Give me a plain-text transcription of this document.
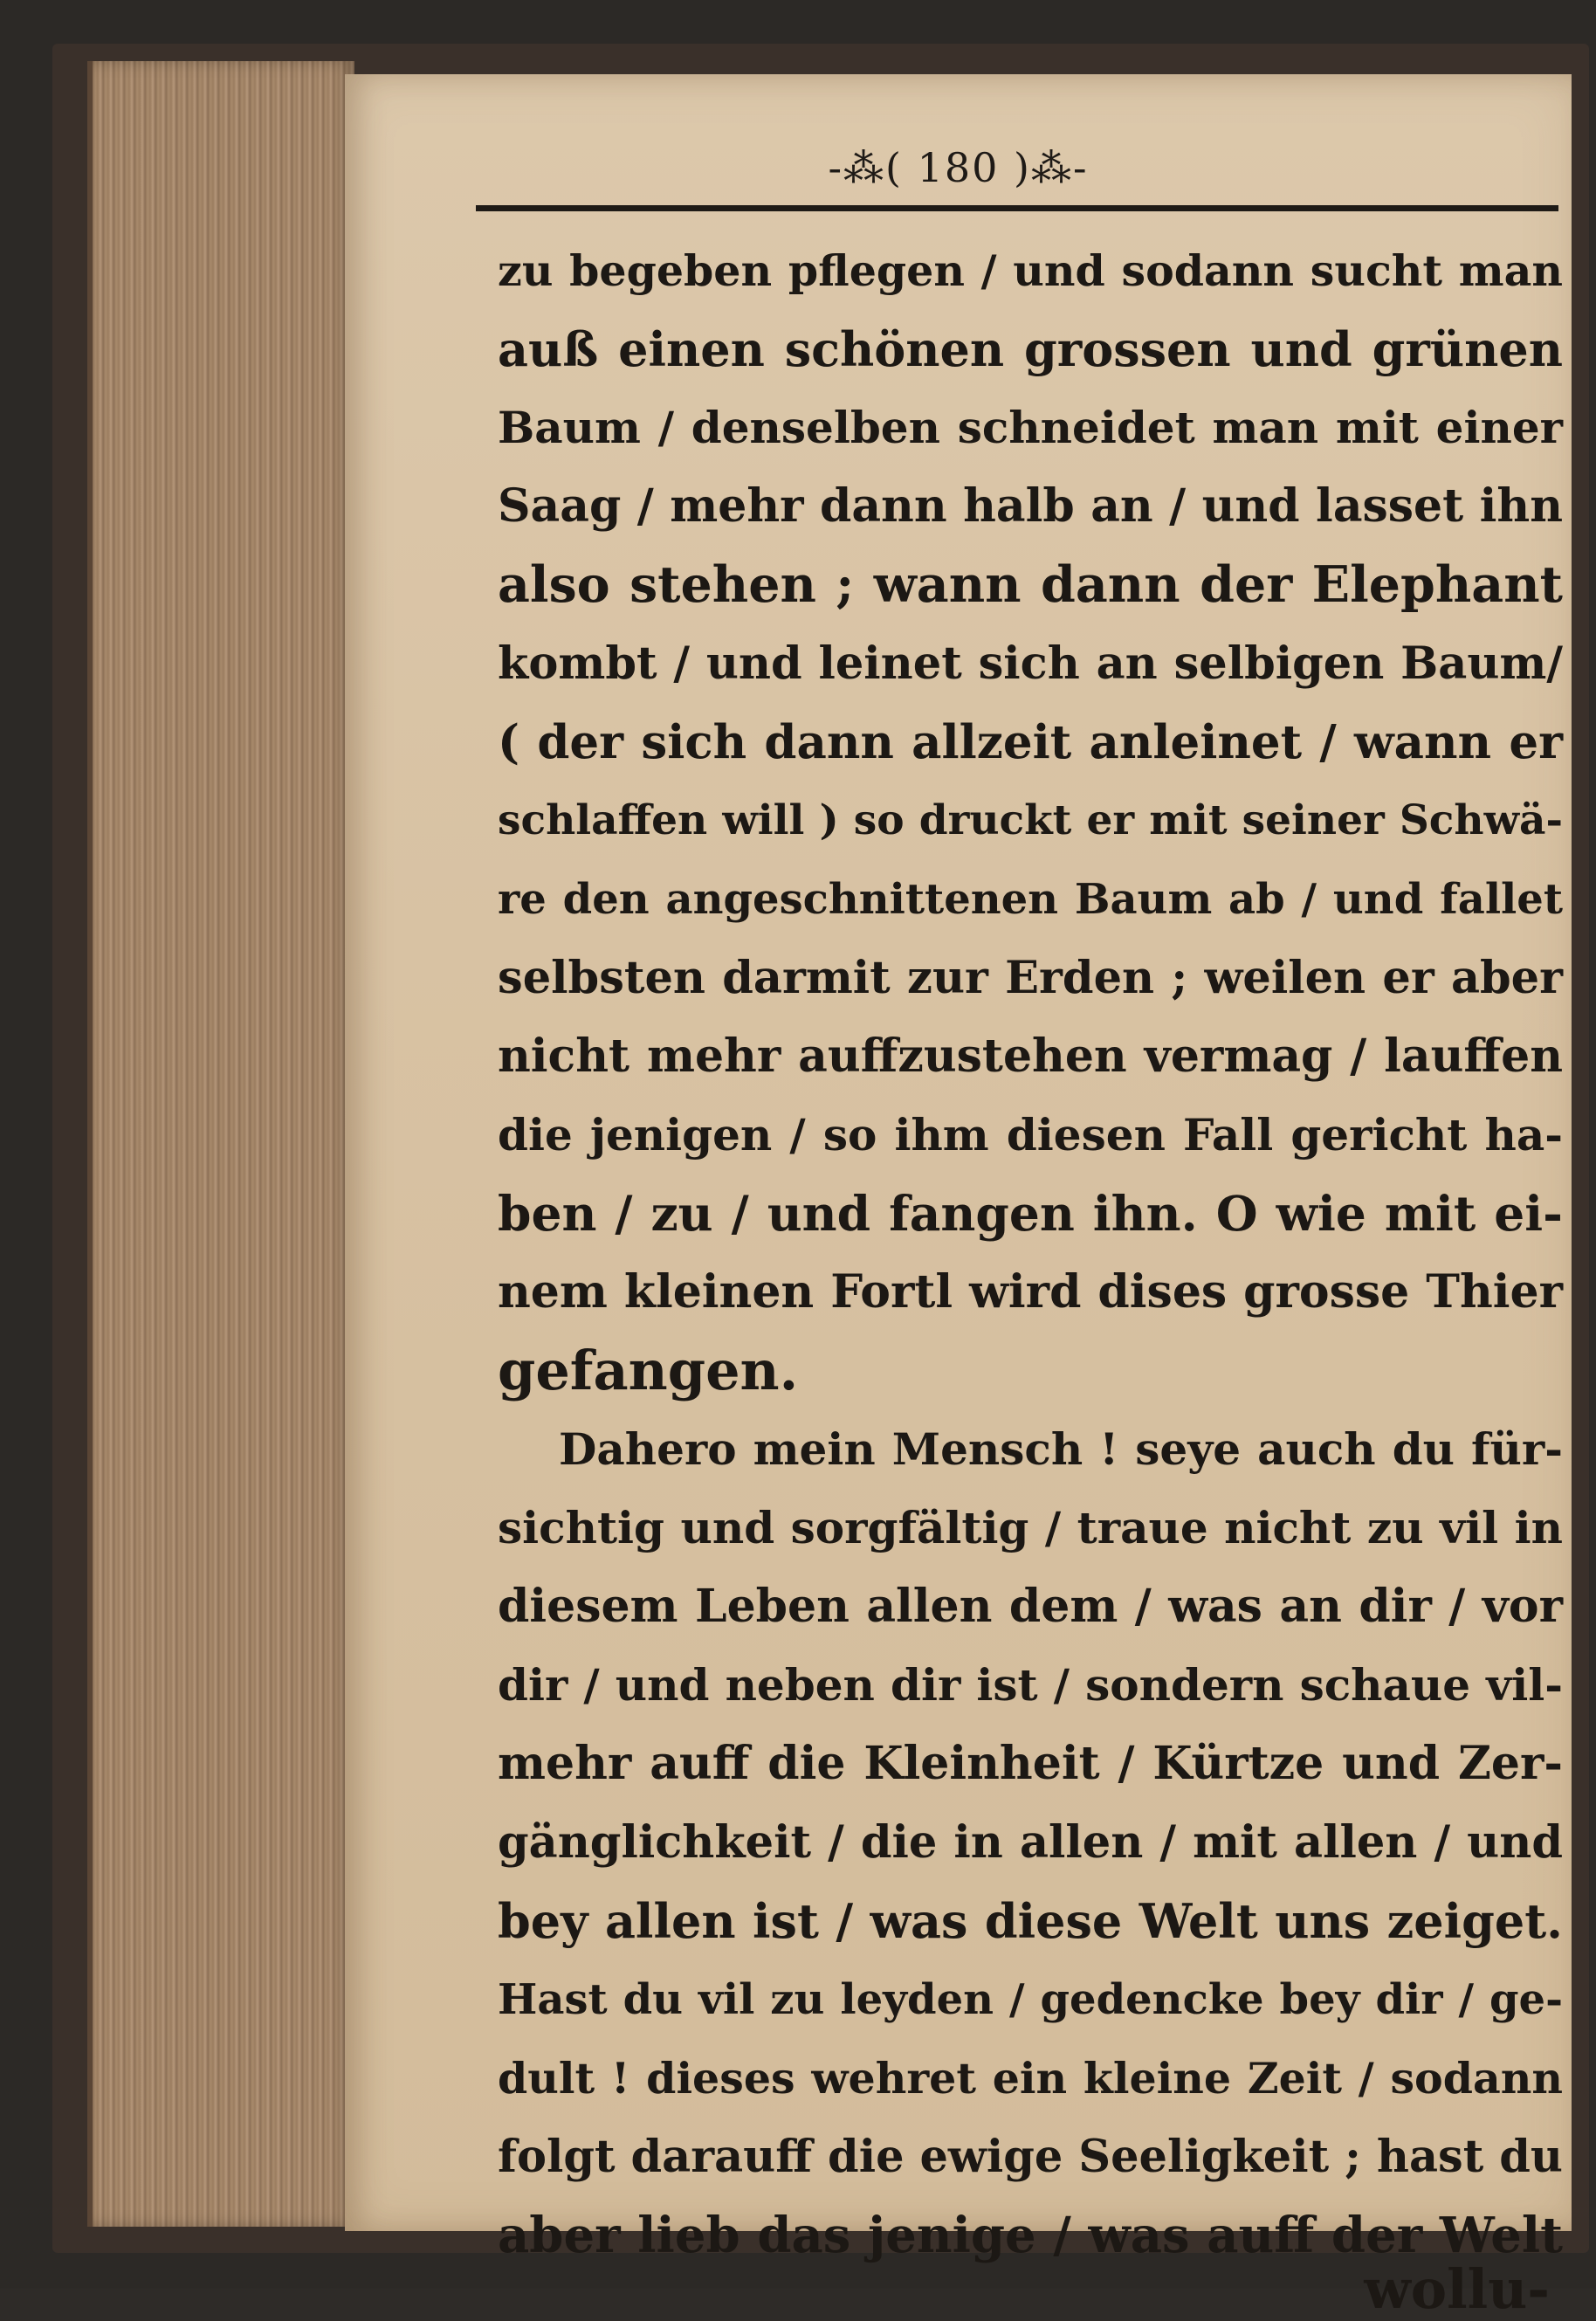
-⁂( 180 )⁂-
zu begeben pflegen / und sodann sucht man
auß einen schönen grossen und grünen
Baum / denselben schneidet man mit einer
Saag / mehr dann halb an / und lasset ihn
also stehen ; wann dann der Elephant
kombt / und leinet sich an selbigen Baum/
( der sich dann allzeit anleinet / wann er
schlaffen will ) so druckt er mit seiner Schwä-
re den angeschnittenen Baum ab / und fallet
selbsten darmit zur Erden ; weilen er aber
nicht mehr auffzustehen vermag / lauffen
die jenigen / so ihm diesen Fall gericht ha-
ben / zu / und fangen ihn. O wie mit ei-
nem kleinen Fortl wird dises grosse Thier
gefangen.
Dahero mein Mensch ! seye auch du für-
sichtig und sorgfältig / traue nicht zu vil in
diesem Leben allen dem / was an dir / vor
dir / und neben dir ist / sondern schaue vil-
mehr auff die Kleinheit / Kürtze und Zer-
gänglichkeit / die in allen / mit allen / und
bey allen ist / was diese Welt uns zeiget.
Hast du vil zu leyden / gedencke bey dir / ge-
dult ! dieses wehret ein kleine Zeit / sodann
folgt darauff die ewige Seeligkeit ; hast du
aber lieb das jenige / was auff der Welt
wollu-
